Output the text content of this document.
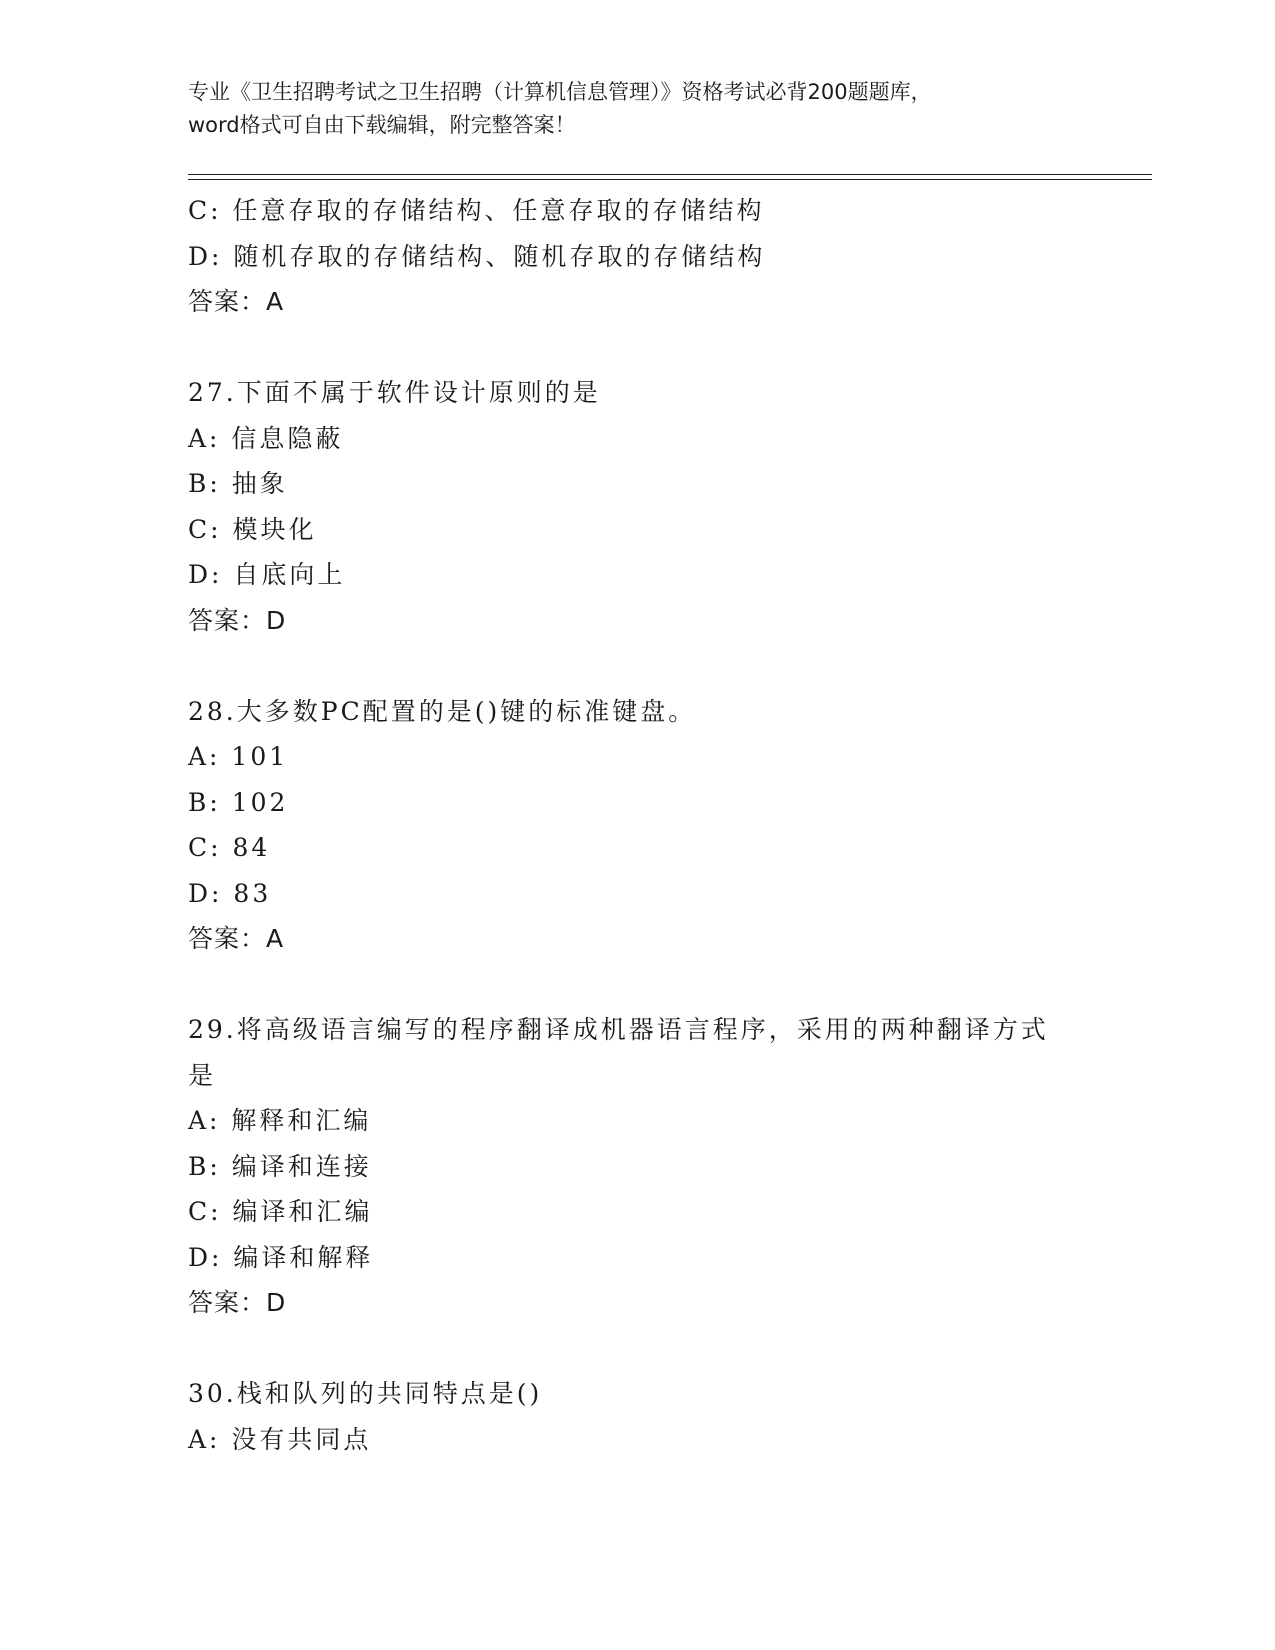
专业《卫生招聘考试之卫生招聘（计算机信息管理）》资格考试必背200题题库，

word格式可自由下载编辑，附完整答案！

C: 任意存取的存储结构、任意存取的存储结构
D: 随机存取的存储结构、随机存取的存储结构
答案：A
27.下面不属于软件设计原则的是
A: 信息隐蔽
B: 抽象
C: 模块化
D: 自底向上
答案：D
28.大多数PC配置的是()键的标准键盘。
A: 101
B: 102
C: 84
D: 83
答案：A
29.将高级语言编写的程序翻译成机器语言程序，采用的两种翻译方式
是
A: 解释和汇编
B: 编译和连接
C: 编译和汇编
D: 编译和解释
答案：D
30.栈和队列的共同特点是()
A: 没有共同点
